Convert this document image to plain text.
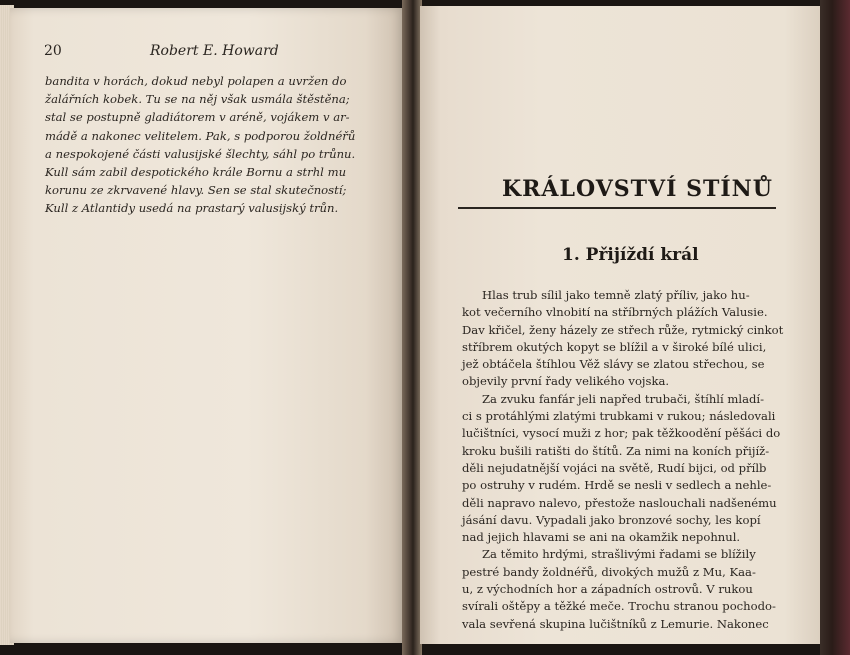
20	Robert E. Howard
bandita v horách, dokud nebyl polapen a uvržen do
žalářních kobek. Tu se na něj však usmála štěstěna;
stal se postupně gladiátorem v aréně, vojákem v ar-
mádě a nakonec velitelem. Pak, s podporou žoldnéřů
a nespokojené části valusijské šlechty, sáhl po trůnu.
Kull sám zabil despotického krále Bornu a strhl mu
korunu ze zkrvavené hlavy. Sen se stal skutečností;
Kull z Atlantidy usedá na prastarý valusijský trůn.
KRÁLOVSTVÍ STÍNŮ
1. Přijíždí král
Hlas trub sílil jako temně zlatý příliv, jako hu-
kot večerního vlnobití na stříbrných plážích Valusie.
Dav křičel, ženy házely ze střech růže, rytmický cinkot
stříbrem okutých kopyt se blížil a v široké bílé ulici,
jež obtáčela štíhlou Věž slávy se zlatou střechou, se
objevily první řady velikého vojska.
Za zvuku fanfár jeli napřed trubači, štíhlí mladí-
ci s protáhlými zlatými trubkami v rukou; následovali
lučištníci, vysocí muži z hor; pak těžkoodění pěšáci do
kroku bušili ratišti do štítů. Za nimi na koních přijíž-
děli nejudatnější vojáci na světě, Rudí bijci, od přílb
po ostruhy v rudém. Hrdě se nesli v sedlech a nehle-
děli napravo nalevo, přestože naslouchali nadšenému
jásání davu. Vypadali jako bronzové sochy, les kopí
nad jejich hlavami se ani na okamžik nepohnul.
Za těmito hrdými, strašlivými řadami se blížily
pestré bandy žoldnéřů, divokých mužů z Mu, Kaa-
u, z východních hor a západních ostrovů. V rukou
svírali oštěpy a těžké meče. Trochu stranou pochodo-
vala sevřená skupina lučištníků z Lemurie. Nakonec
